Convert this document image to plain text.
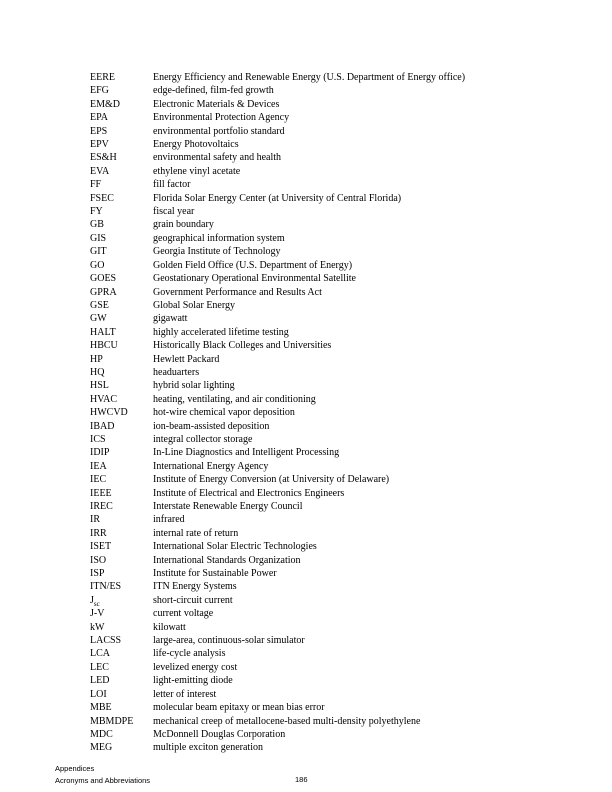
EERE	Energy Efficiency and Renewable Energy (U.S. Department of Energy office)
EFG	edge-defined, film-fed growth
EM&D	Electronic Materials & Devices
EPA	Environmental Protection Agency
EPS	environmental portfolio standard
EPV	Energy Photovoltaics
ES&H	environmental safety and health
EVA	ethylene vinyl acetate
FF	fill factor
FSEC	Florida Solar Energy Center (at University of Central Florida)
FY	fiscal year
GB	grain boundary
GIS	geographical information system
GIT	Georgia Institute of Technology
GO	Golden Field Office (U.S. Department of Energy)
GOES	Geostationary Operational Environmental Satellite
GPRA	Government Performance and Results Act
GSE	Global Solar Energy
GW	gigawatt
HALT	highly accelerated lifetime testing
HBCU	Historically Black Colleges and Universities
HP	Hewlett Packard
HQ	headuarters
HSL	hybrid solar lighting
HVAC	heating, ventilating, and air conditioning
HWCVD	hot-wire chemical vapor deposition
IBAD	ion-beam-assisted deposition
ICS	integral collector storage
IDIP	In-Line Diagnostics and Intelligent Processing
IEA	International Energy Agency
IEC	Institute of Energy Conversion (at University of Delaware)
IEEE	Institute of Electrical and Electronics Engineers
IREC	Interstate Renewable Energy Council
IR	infrared
IRR	internal rate of return
ISET	International Solar Electric Technologies
ISO	International Standards Organization
ISP	Institute for Sustainable Power
ITN/ES	ITN Energy Systems
$J_{sc}$	short-circuit current
J-V	current voltage
kW	kilowatt
LACSS	large-area, continuous-solar simulator
LCA	life-cycle analysis
LEC	levelized energy cost
LED	light-emitting diode
LOI	letter of interest
MBE	molecular beam epitaxy or mean bias error
MBMDPE mechanical creep of metallocene-based multi-density polyethylene
MDC	McDonnell Douglas Corporation
MEG	multiple exciton generation
Appendices
Acronyms and Abbreviations	186
